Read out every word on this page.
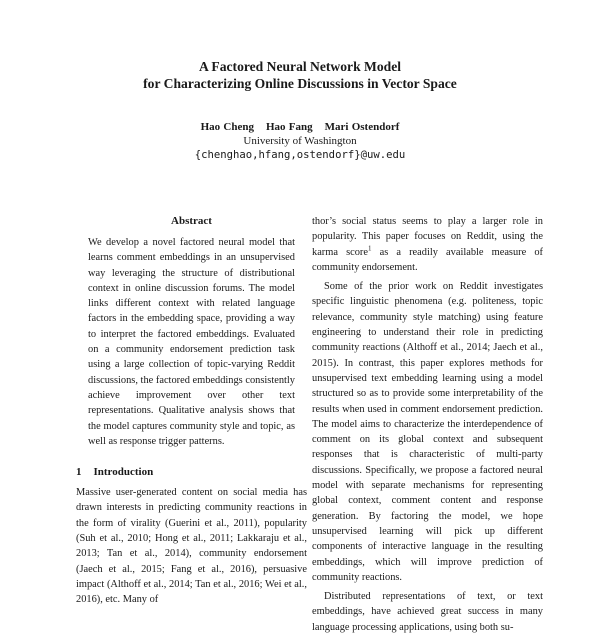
A Factored Neural Network Model
for Characterizing Online Discussions in Vector Space
Hao Cheng Hao Fang Mari Ostendorf
University of Washington
{chenghao,hfang,ostendorf}@uw.edu
Abstract

We develop a novel factored neural model that learns comment embeddings in an unsupervised way leveraging the structure of distributional context in online discussion forums. The model links different context with related language factors in the embedding space, providing a way to interpret the factored embeddings. Evaluated on a community endorsement prediction task using a large collection of topic-varying Reddit discussions, the factored embeddings consistently achieve improvement over other text representations. Qualitative analysis shows that the model captures community style and topic, as well as response trigger patterns.

1 Introduction

Massive user-generated content on social media has drawn interests in predicting community reactions in the form of virality (Guerini et al., 2011), popularity (Suh et al., 2010; Hong et al., 2011; Lakkaraju et al., 2013; Tan et al., 2014), community endorsement (Jaech et al., 2015; Fang et al., 2016), persuasive impact (Althoff et al., 2014; Tan et al., 2016; Wei et al., 2016), etc. Many of

thor’s social status seems to play a larger role in popularity. This paper focuses on Reddit, using the karma score$^1$ as a readily available measure of community endorsement.

Some of the prior work on Reddit investigates specific linguistic phenomena (e.g. politeness, topic relevance, community style matching) using feature engineering to understand their role in predicting community reactions (Althoff et al., 2014; Jaech et al., 2015). In contrast, this paper explores methods for unsupervised text embedding learning using a model structured so as to provide some interpretability of the results when used in comment endorsement prediction. The model aims to characterize the interdependence of comment on its global context and subsequent responses that is characteristic of multi-party discussions. Specifically, we propose a factored neural model with separate mechanisms for representing global context, comment content and response generation. By factoring the model, we hope unsupervised learning will pick up different components of interactive language in the resulting embeddings, which will improve prediction of community reactions.

Distributed representations of text, or text embeddings, have achieved great success in many language processing applications, using both su-
